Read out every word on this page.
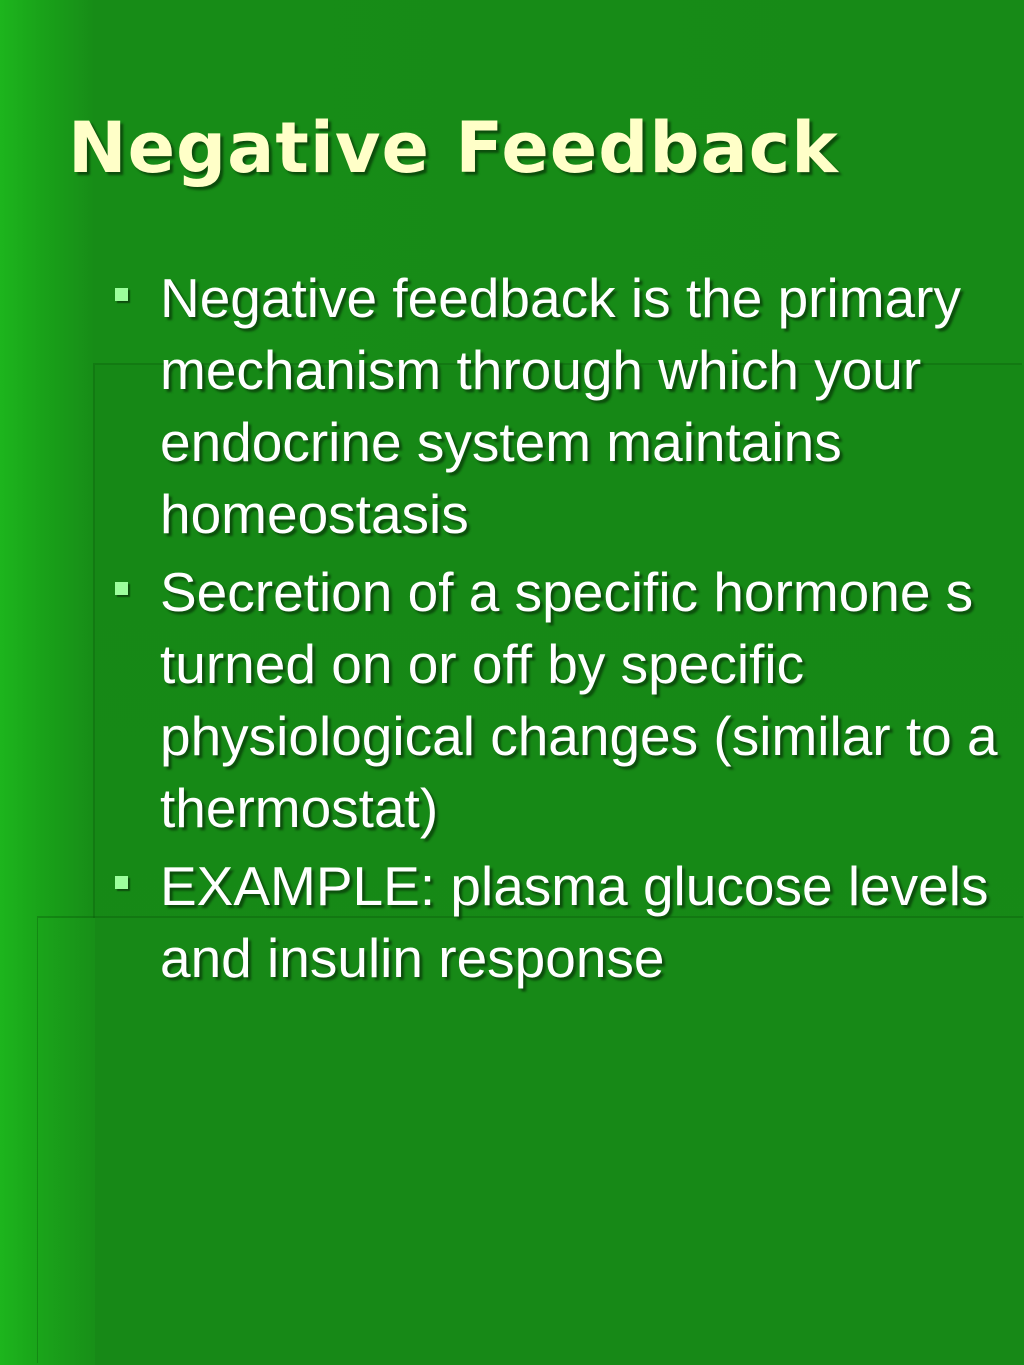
Negative Feedback
Negative feedback is the primary mechanism through which your endocrine system maintains homeostasis
Secretion of a specific hormone s turned on or off by specific physiological changes (similar to a thermostat)
EXAMPLE: plasma glucose levels and insulin response
